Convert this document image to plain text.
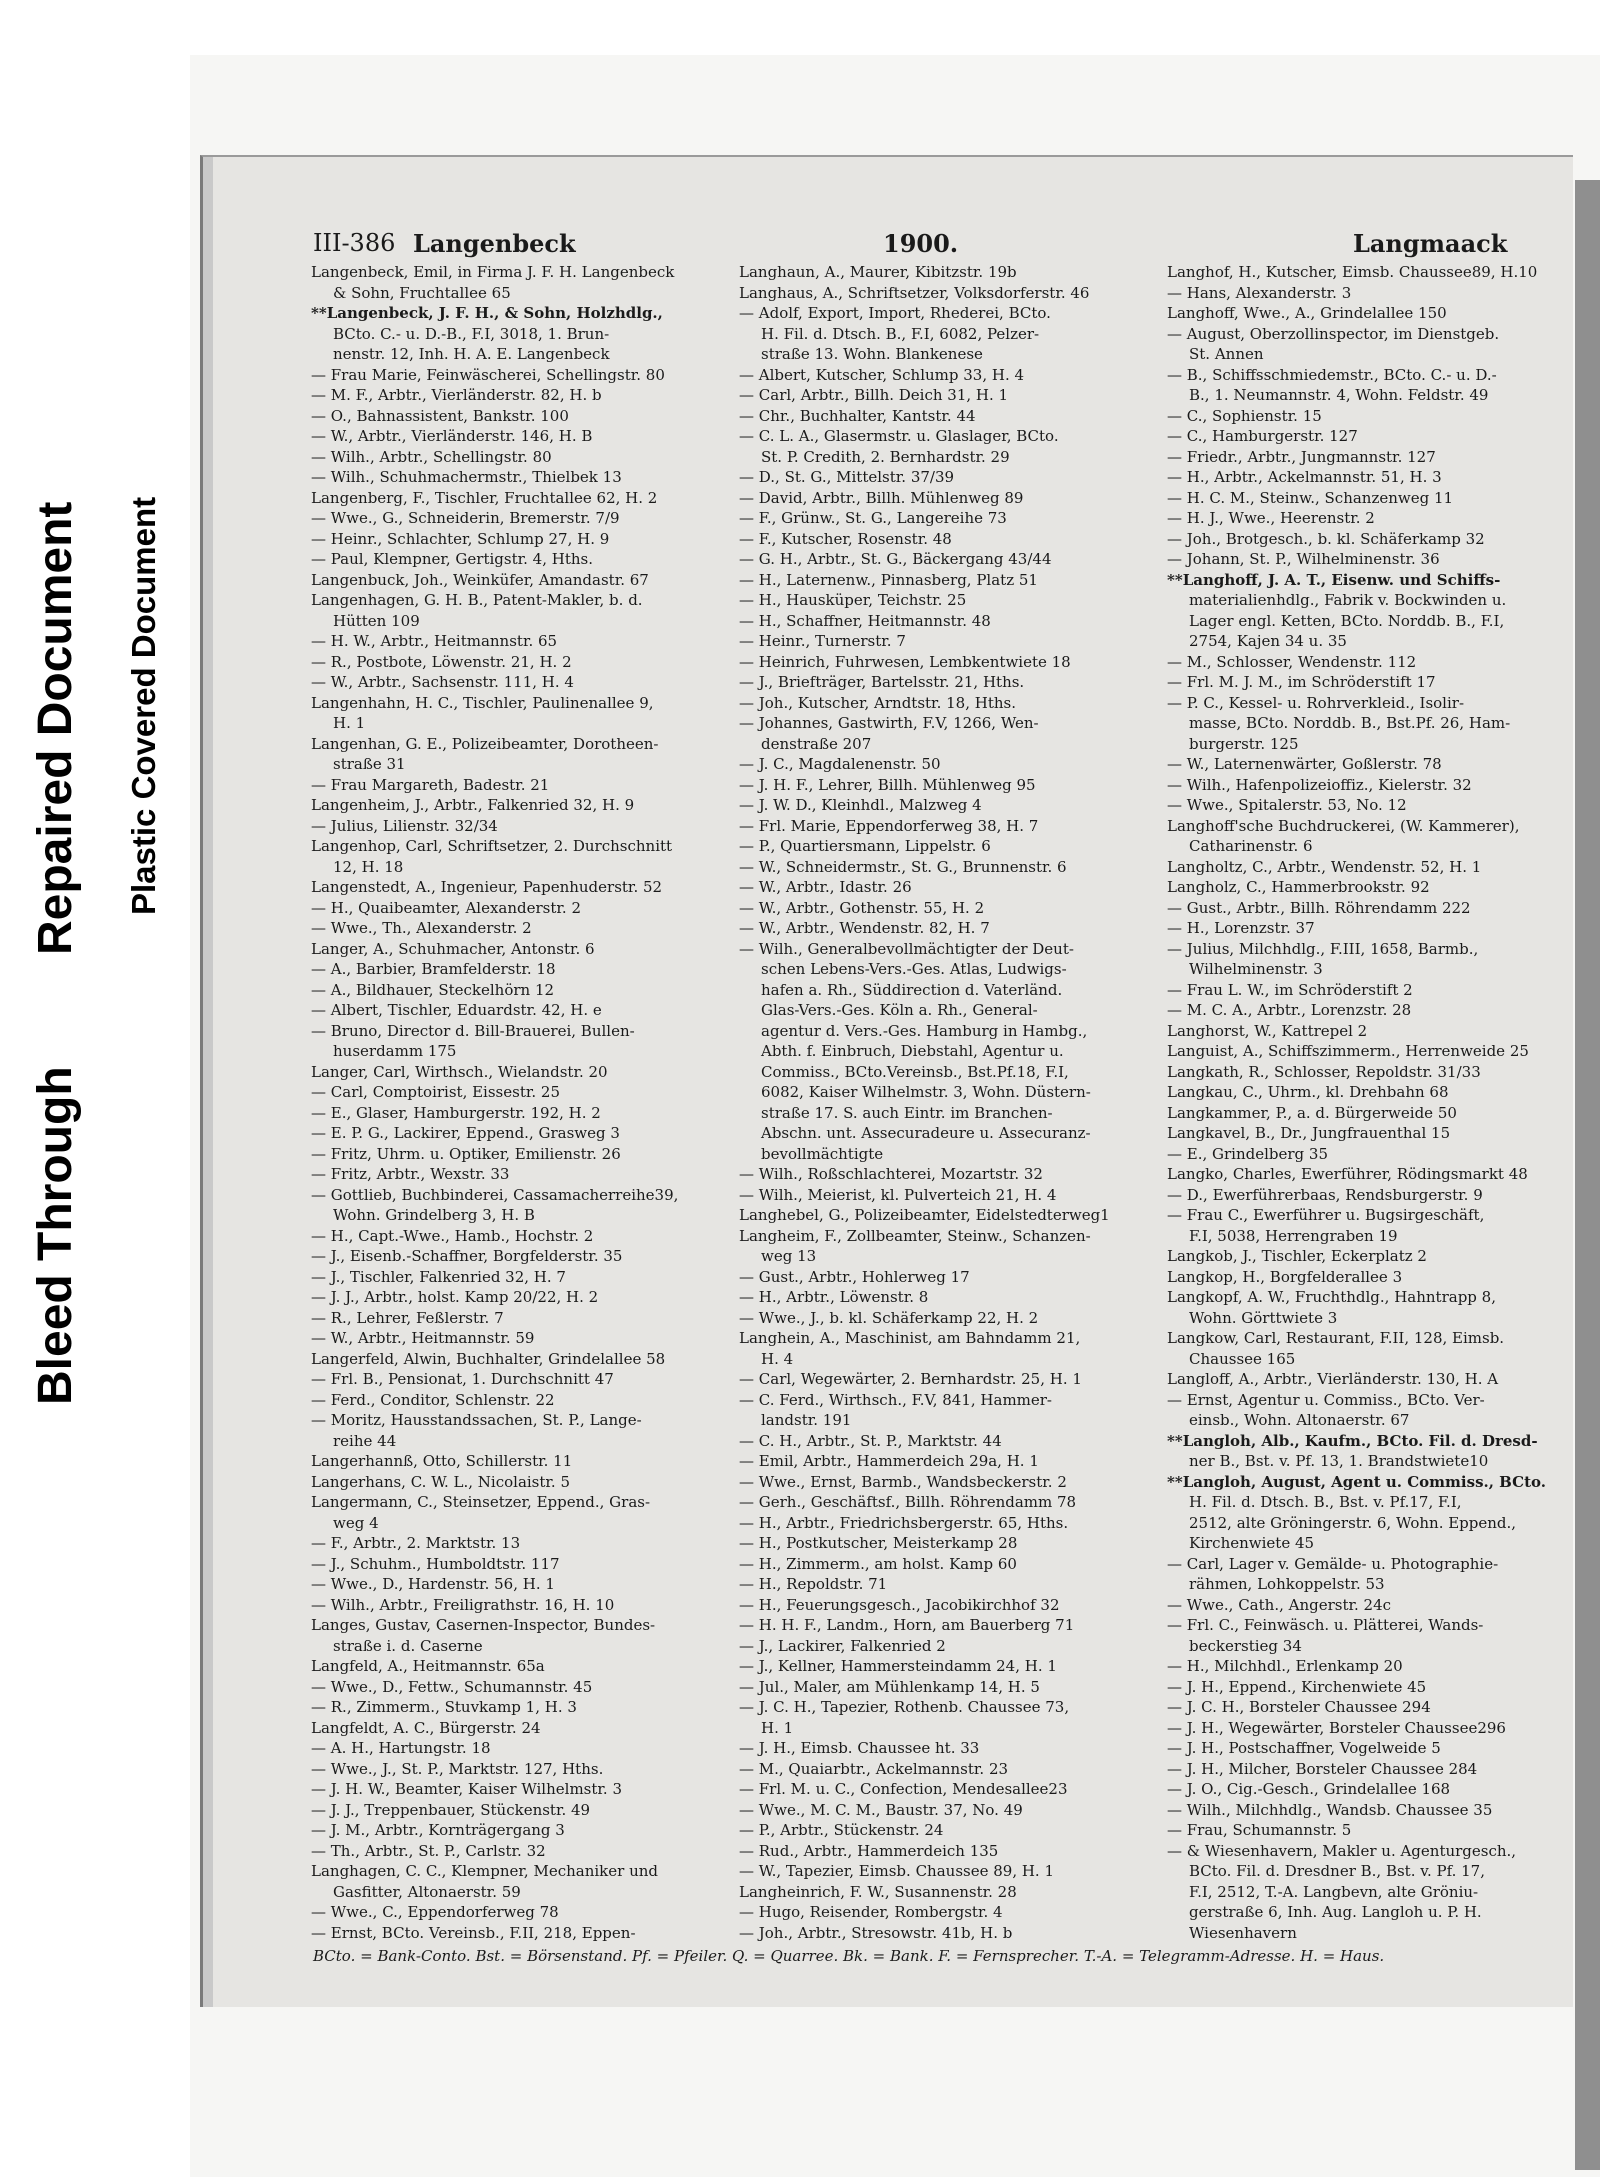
Bleed Through
Repaired Document Plastic Covered Document
III-386 Langenbeck	1900.	Langmaack
Langenbeck, Emil, in Firma J. F. H. Langenbeck
& Sohn, Fruchtallee 65
**Langenbeck, J. F. H., & Sohn, Holzhdlg.,
BCto. C.- u. D.-B., F.I, 3018, 1. Brun-
nenstr. 12, Inh. H. A. E. Langenbeck
— Frau Marie, Feinwäscherei, Schellingstr. 80
— M. F., Arbtr., Vierländerstr. 82, H. b
— O., Bahnassistent, Bankstr. 100
— W., Arbtr., Vierländerstr. 146, H. B
— Wilh., Arbtr., Schellingstr. 80
— Wilh., Schuhmachermstr., Thielbek 13
Langenberg, F., Tischler, Fruchtallee 62, H. 2
— Wwe., G., Schneiderin, Bremerstr. 7/9
— Heinr., Schlachter, Schlump 27, H. 9
— Paul, Klempner, Gertigstr. 4, Hths.
Langenbuck, Joh., Weinküfer, Amandastr. 67
Langenhagen, G. H. B., Patent-Makler, b. d.
Hütten 109
— H. W., Arbtr., Heitmannstr. 65
— R., Postbote, Löwenstr. 21, H. 2
— W., Arbtr., Sachsenstr. 111, H. 4
Langenhahn, H. C., Tischler, Paulinenallee 9,
H. 1
Langenhan, G. E., Polizeibeamter, Dorotheen-
straße 31
— Frau Margareth, Badestr. 21
Langenheim, J., Arbtr., Falkenried 32, H. 9
— Julius, Lilienstr. 32/34
Langenhop, Carl, Schriftsetzer, 2. Durchschnitt
12, H. 18
Langenstedt, A., Ingenieur, Papenhuderstr. 52
— H., Quaibeamter, Alexanderstr. 2
— Wwe., Th., Alexanderstr. 2
Langer, A., Schuhmacher, Antonstr. 6
— A., Barbier, Bramfelderstr. 18
— A., Bildhauer, Steckelhörn 12
— Albert, Tischler, Eduardstr. 42, H. e
— Bruno, Director d. Bill-Brauerei, Bullen-
huserdamm 175
Langer, Carl, Wirthsch., Wielandstr. 20
— Carl, Comptoirist, Eissestr. 25
— E., Glaser, Hamburgerstr. 192, H. 2
— E. P. G., Lackirer, Eppend., Grasweg 3
— Fritz, Uhrm. u. Optiker, Emilienstr. 26
— Fritz, Arbtr., Wexstr. 33
— Gottlieb, Buchbinderei, Cassamacherreihe39,
Wohn. Grindelberg 3, H. B
— H., Capt.-Wwe., Hamb., Hochstr. 2
— J., Eisenb.-Schaffner, Borgfelderstr. 35
— J., Tischler, Falkenried 32, H. 7
— J. J., Arbtr., holst. Kamp 20/22, H. 2
— R., Lehrer, Feßlerstr. 7
— W., Arbtr., Heitmannstr. 59
Langerfeld, Alwin, Buchhalter, Grindelallee 58
— Frl. B., Pensionat, 1. Durchschnitt 47
— Ferd., Conditor, Schlenstr. 22
— Moritz, Hausstandssachen, St. P., Lange-
reihe 44
Langerhannß, Otto, Schillerstr. 11
Langerhans, C. W. L., Nicolaistr. 5
Langermann, C., Steinsetzer, Eppend., Gras-
weg 4
— F., Arbtr., 2. Marktstr. 13
— J., Schuhm., Humboldtstr. 117
— Wwe., D., Hardenstr. 56, H. 1
— Wilh., Arbtr., Freiligrathstr. 16, H. 10
Langes, Gustav, Casernen-Inspector, Bundes-
straße i. d. Caserne
Langfeld, A., Heitmannstr. 65a
— Wwe., D., Fettw., Schumannstr. 45
— R., Zimmerm., Stuvkamp 1, H. 3
Langfeldt, A. C., Bürgerstr. 24
— A. H., Hartungstr. 18
— Wwe., J., St. P., Marktstr. 127, Hths.
— J. H. W., Beamter, Kaiser Wilhelmstr. 3
— J. J., Treppenbauer, Stückenstr. 49
— J. M., Arbtr., Kornträgergang 3
— Th., Arbtr., St. P., Carlstr. 32
Langhagen, C. C., Klempner, Mechaniker und
Gasfitter, Altonaerstr. 59
— Wwe., C., Eppendorferweg 78
— Ernst, BCto. Vereinsb., F.II, 218, Eppen-
Langhaun, A., Maurer, Kibitzstr. 19b
Langhaus, A., Schriftsetzer, Volksdorferstr. 46
— Adolf, Export, Import, Rhederei, BCto.
H. Fil. d. Dtsch. B., F.I, 6082, Pelzer-
straße 13. Wohn. Blankenese
— Albert, Kutscher, Schlump 33, H. 4
— Carl, Arbtr., Billh. Deich 31, H. 1
— Chr., Buchhalter, Kantstr. 44
— C. L. A., Glasermstr. u. Glaslager, BCto.
St. P. Credith, 2. Bernhardstr. 29
— D., St. G., Mittelstr. 37/39
— David, Arbtr., Billh. Mühlenweg 89
— F., Grünw., St. G., Langereihe 73
— F., Kutscher, Rosenstr. 48
— G. H., Arbtr., St. G., Bäckergang 43/44
— H., Laternenw., Pinnasberg, Platz 51
— H., Hausküper, Teichstr. 25
— H., Schaffner, Heitmannstr. 48
— Heinr., Turnerstr. 7
— Heinrich, Fuhrwesen, Lembkentwiete 18
— J., Briefträger, Bartelsstr. 21, Hths.
— Joh., Kutscher, Arndtstr. 18, Hths.
— Johannes, Gastwirth, F.V, 1266, Wen-
denstraße 207
— J. C., Magdalenenstr. 50
— J. H. F., Lehrer, Billh. Mühlenweg 95
— J. W. D., Kleinhdl., Malzweg 4
— Frl. Marie, Eppendorferweg 38, H. 7
— P., Quartiersmann, Lippelstr. 6
— W., Schneidermstr., St. G., Brunnenstr. 6
— W., Arbtr., Idastr. 26
— W., Arbtr., Gothenstr. 55, H. 2
— W., Arbtr., Wendenstr. 82, H. 7
— Wilh., Generalbevollmächtigter der Deut-
schen Lebens-Vers.-Ges. Atlas, Ludwigs-
hafen a. Rh., Süddirection d. Vaterländ.
Glas-Vers.-Ges. Köln a. Rh., General-
agentur d. Vers.-Ges. Hamburg in Hambg.,
Abth. f. Einbruch, Diebstahl, Agentur u.
Commiss., BCto.Vereinsb., Bst.Pf.18, F.I,
6082, Kaiser Wilhelmstr. 3, Wohn. Düstern-
straße 17. S. auch Eintr. im Branchen-
Abschn. unt. Assecuradeure u. Assecuranz-
bevollmächtigte
— Wilh., Roßschlachterei, Mozartstr. 32
— Wilh., Meierist, kl. Pulverteich 21, H. 4
Langhebel, G., Polizeibeamter, Eidelstedterweg1
Langheim, F., Zollbeamter, Steinw., Schanzen-
weg 13
— Gust., Arbtr., Hohlerweg 17
— H., Arbtr., Löwenstr. 8
— Wwe., J., b. kl. Schäferkamp 22, H. 2
Langhein, A., Maschinist, am Bahndamm 21,
H. 4
— Carl, Wegewärter, 2. Bernhardstr. 25, H. 1
— C. Ferd., Wirthsch., F.V, 841, Hammer-
landstr. 191
— C. H., Arbtr., St. P., Marktstr. 44
— Emil, Arbtr., Hammerdeich 29a, H. 1
— Wwe., Ernst, Barmb., Wandsbeckerstr. 2
— Gerh., Geschäftsf., Billh. Röhrendamm 78
— H., Arbtr., Friedrichsbergerstr. 65, Hths.
— H., Postkutscher, Meisterkamp 28
— H., Zimmerm., am holst. Kamp 60
— H., Repoldstr. 71
— H., Feuerungsgesch., Jacobikirchhof 32
— H. H. F., Landm., Horn, am Bauerberg 71
— J., Lackirer, Falkenried 2
— J., Kellner, Hammersteindamm 24, H. 1
— Jul., Maler, am Mühlenkamp 14, H. 5
— J. C. H., Tapezier, Rothenb. Chaussee 73,
H. 1
— J. H., Eimsb. Chaussee ht. 33
— M., Quaiarbtr., Ackelmannstr. 23
— Frl. M. u. C., Confection, Mendesallee23
— Wwe., M. C. M., Baustr. 37, No. 49
— P., Arbtr., Stückenstr. 24
— Rud., Arbtr., Hammerdeich 135
— W., Tapezier, Eimsb. Chaussee 89, H. 1
Langheinrich, F. W., Susannenstr. 28
— Hugo, Reisender, Rombergstr. 4
— Joh., Arbtr., Stresowstr. 41b, H. b
Langhof, H., Kutscher, Eimsb. Chaussee89, H.10
— Hans, Alexanderstr. 3
Langhoff, Wwe., A., Grindelallee 150
— August, Oberzollinspector, im Dienstgeb.
St. Annen
— B., Schiffsschmiedemstr., BCto. C.- u. D.-
B., 1. Neumannstr. 4, Wohn. Feldstr. 49
— C., Sophienstr. 15
— C., Hamburgerstr. 127
— Friedr., Arbtr., Jungmannstr. 127
— H., Arbtr., Ackelmannstr. 51, H. 3
— H. C. M., Steinw., Schanzenweg 11
— H. J., Wwe., Heerenstr. 2
— Joh., Brotgesch., b. kl. Schäferkamp 32
— Johann, St. P., Wilhelminenstr. 36
**Langhoff, J. A. T., Eisenw. und Schiffs-
materialienhdlg., Fabrik v. Bockwinden u.
Lager engl. Ketten, BCto. Norddb. B., F.I,
2754, Kajen 34 u. 35
— M., Schlosser, Wendenstr. 112
— Frl. M. J. M., im Schröderstift 17
— P. C., Kessel- u. Rohrverkleid., Isolir-
masse, BCto. Norddb. B., Bst.Pf. 26, Ham-
burgerstr. 125
— W., Laternenwärter, Goßlerstr. 78
— Wilh., Hafenpolizeioffiz., Kielerstr. 32
— Wwe., Spitalerstr. 53, No. 12
Langhoff'sche Buchdruckerei, (W. Kammerer),
Catharinenstr. 6
Langholtz, C., Arbtr., Wendenstr. 52, H. 1
Langholz, C., Hammerbrookstr. 92
— Gust., Arbtr., Billh. Röhrendamm 222
— H., Lorenzstr. 37
— Julius, Milchhdlg., F.III, 1658, Barmb.,
Wilhelminenstr. 3
— Frau L. W., im Schröderstift 2
— M. C. A., Arbtr., Lorenzstr. 28
Langhorst, W., Kattrepel 2
Languist, A., Schiffszimmerm., Herrenweide 25
Langkath, R., Schlosser, Repoldstr. 31/33
Langkau, C., Uhrm., kl. Drehbahn 68
Langkammer, P., a. d. Bürgerweide 50
Langkavel, B., Dr., Jungfrauenthal 15
— E., Grindelberg 35
Langko, Charles, Ewerführer, Rödingsmarkt 48
— D., Ewerführerbaas, Rendsburgerstr. 9
— Frau C., Ewerführer u. Bugsirgeschäft,
F.I, 5038, Herrengraben 19
Langkob, J., Tischler, Eckerplatz 2
Langkop, H., Borgfelderallee 3
Langkopf, A. W., Fruchthdlg., Hahntrapp 8,
Wohn. Görttwiete 3
Langkow, Carl, Restaurant, F.II, 128, Eimsb.
Chaussee 165
Langloff, A., Arbtr., Vierländerstr. 130, H. A
— Ernst, Agentur u. Commiss., BCto. Ver-
einsb., Wohn. Altonaerstr. 67
**Langloh, Alb., Kaufm., BCto. Fil. d. Dresd-
ner B., Bst. v. Pf. 13, 1. Brandstwiete10
**Langloh, August, Agent u. Commiss., BCto.
H. Fil. d. Dtsch. B., Bst. v. Pf.17, F.I,
2512, alte Gröningerstr. 6, Wohn. Eppend.,
Kirchenwiete 45
— Carl, Lager v. Gemälde- u. Photographie-
rähmen, Lohkoppelstr. 53
— Wwe., Cath., Angerstr. 24c
— Frl. C., Feinwäsch. u. Plätterei, Wands-
beckerstieg 34
— H., Milchhdl., Erlenkamp 20
— J. H., Eppend., Kirchenwiete 45
— J. C. H., Borsteler Chaussee 294
— J. H., Wegewärter, Borsteler Chaussee296
— J. H., Postschaffner, Vogelweide 5
— J. H., Milcher, Borsteler Chaussee 284
— J. O., Cig.-Gesch., Grindelallee 168
— Wilh., Milchhdlg., Wandsb. Chaussee 35
— Frau, Schumannstr. 5
— & Wiesenhavern, Makler u. Agenturgesch.,
BCto. Fil. d. Dresdner B., Bst. v. Pf. 17,
F.I, 2512, T.-A. Langbevn, alte Gröniu-
gerstraße 6, Inh. Aug. Langloh u. P. H.
Wiesenhavern
BCto. = Bank-Conto. Bst. = Börsenstand. Pf. = Pfeiler. Q. = Quarree. Bk. = Bank. F. = Fernsprecher. T.-A. = Telegramm-Adresse. H. = Haus.
